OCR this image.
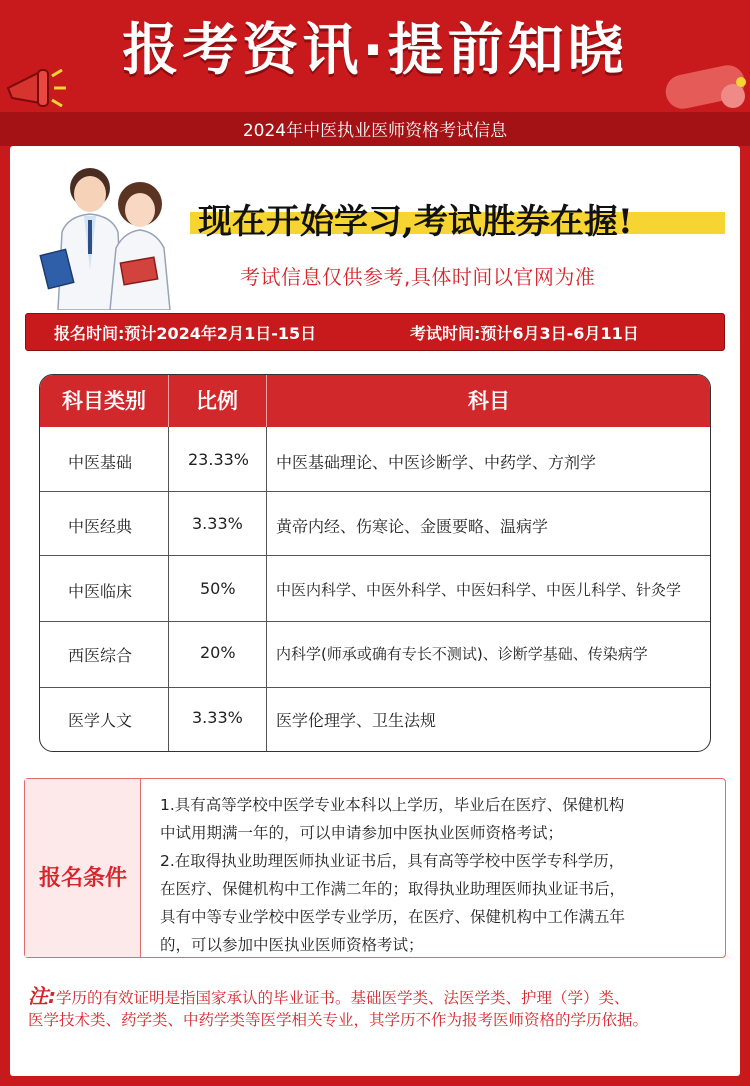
报考资讯·提前知晓
2024年中医执业医师资格考试信息
现在开始学习,考试胜券在握!
考试信息仅供参考,具体时间以官网为准
报名时间:预计2024年2月1日-15日	考试时间:预计6月3日-6月11日
科目类别	比例	科目
中医基础	23.33% 中医基础理论、中医诊断学、中药学、方剂学
中医经典	3.33% 黄帝内经、伤寒论、金匮要略、温病学
中医临床	50%	中医内科学、中医外科学、中医妇科学、中医儿科学、针灸学
西医综合	20%	内科学(师承或确有专长不测试)、诊断学基础、传染病学
医学人文	3.33% 医学伦理学、卫生法规
报名条件
1.具有高等学校中医学专业本科以上学历，毕业后在医疗、保健机构
中试用期满一年的，可以申请参加中医执业医师资格考试；
2.在取得执业助理医师执业证书后，具有高等学校中医学专科学历，
在医疗、保健机构中工作满二年的；取得执业助理医师执业证书后，
具有中等专业学校中医学专业学历，在医疗、保健机构中工作满五年
的，可以参加中医执业医师资格考试；
注:学历的有效证明是指国家承认的毕业证书。基础医学类、法医学类、护理（学）类、
医学技术类、药学类、中药学类等医学相关专业，其学历不作为报考医师资格的学历依据。
